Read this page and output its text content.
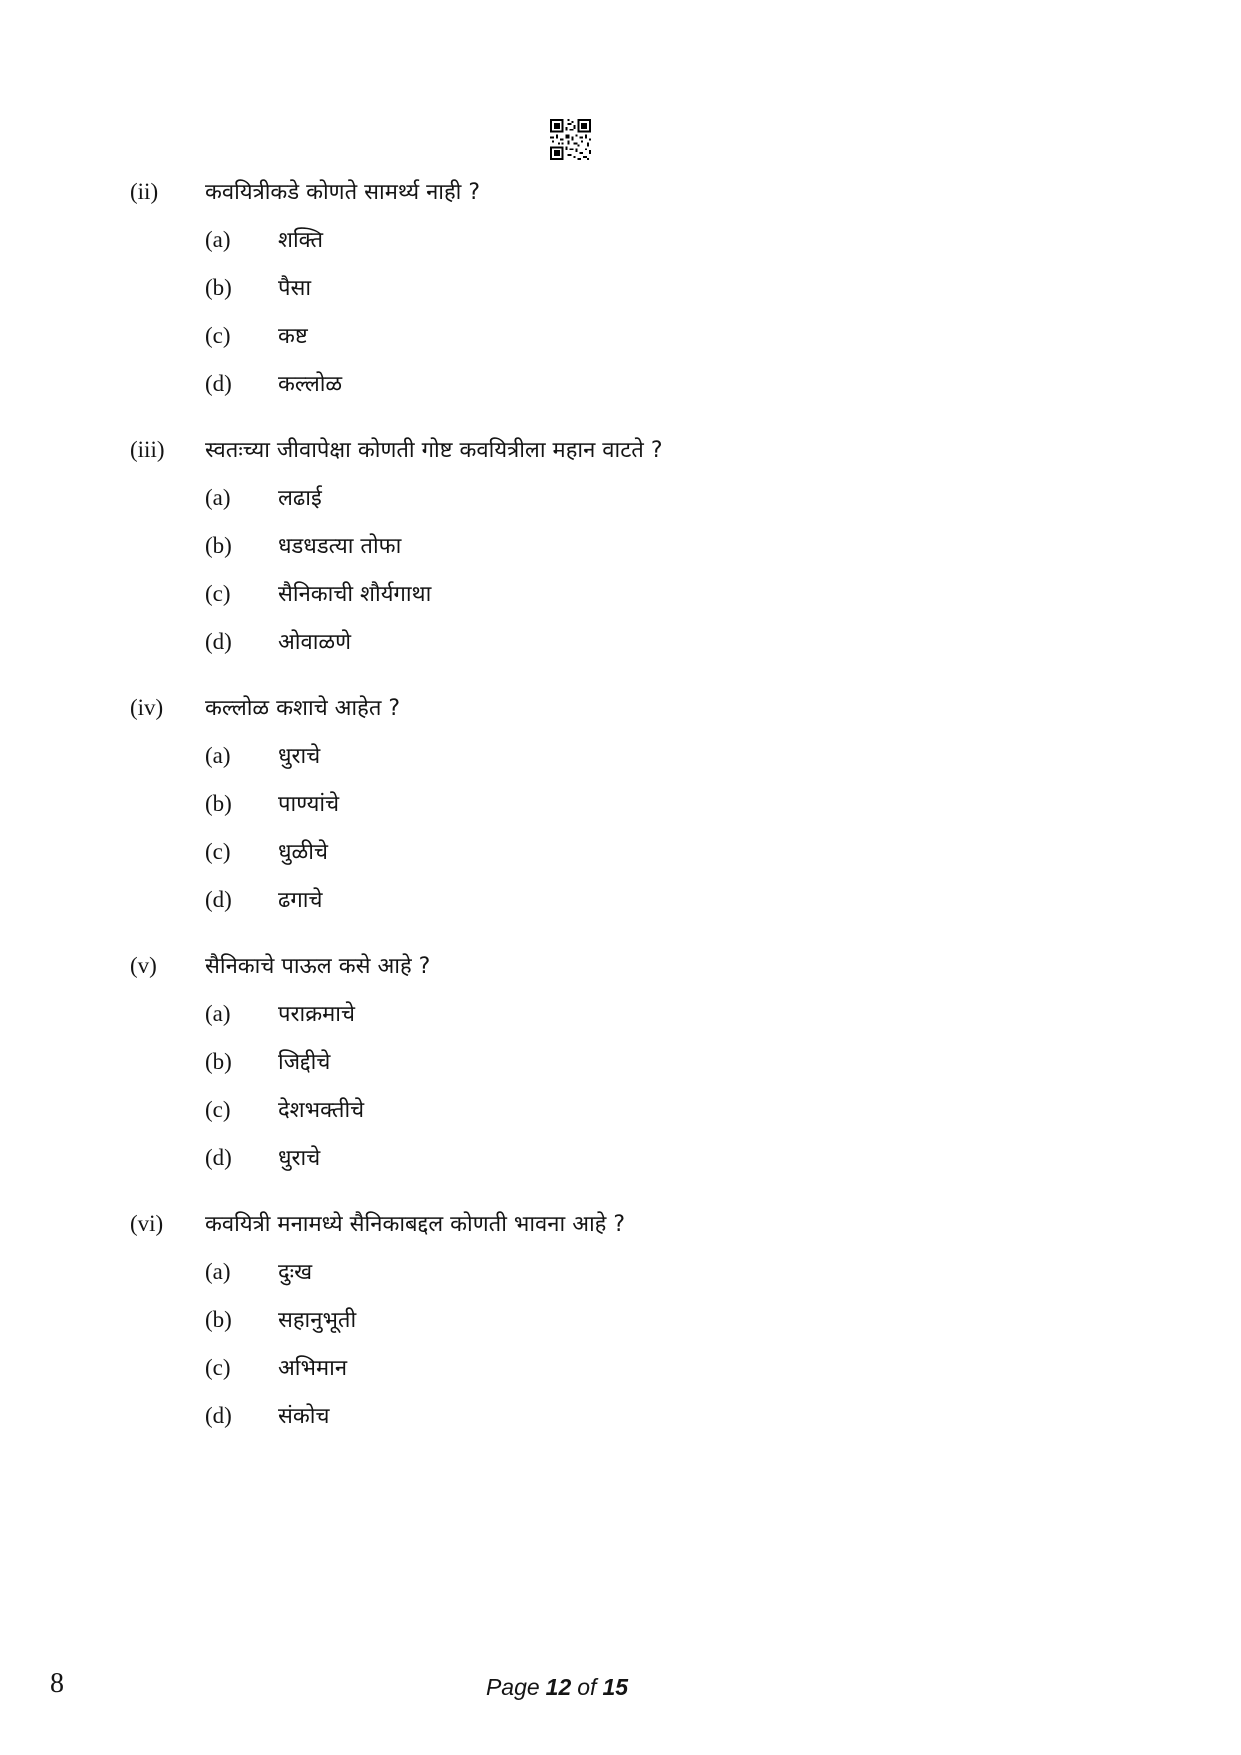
(ii)	कवयित्रीकडे कोणते सामर्थ्य नाही ?
(a)	शक्ति
(b)	पैसा
(c)	कष्ट
(d)	कल्लोळ
(iii)	स्वतःच्या जीवापेक्षा कोणती गोष्ट कवयित्रीला महान वाटते ?
(a)	लढाई
(b)	धडधडत्या तोफा
(c)	सैनिकाची शौर्यगाथा
(d)	ओवाळणे
(iv)	कल्लोळ कशाचे आहेत ?
(a)	धुराचे
(b)	पाण्यांचे
(c)	धुळीचे
(d)	ढगाचे
(v)	सैनिकाचे पाऊल कसे आहे ?
(a)	पराक्रमाचे
(b)	जिद्दीचे
(c)	देशभक्तीचे
(d)	धुराचे
(vi)	कवयित्री मनामध्ये सैनिकाबद्दल कोणती भावना आहे ?
(a)	दुःख
(b)	सहानुभूती
(c)	अभिमान
(d)	संकोच
8	Page 12 of 15
